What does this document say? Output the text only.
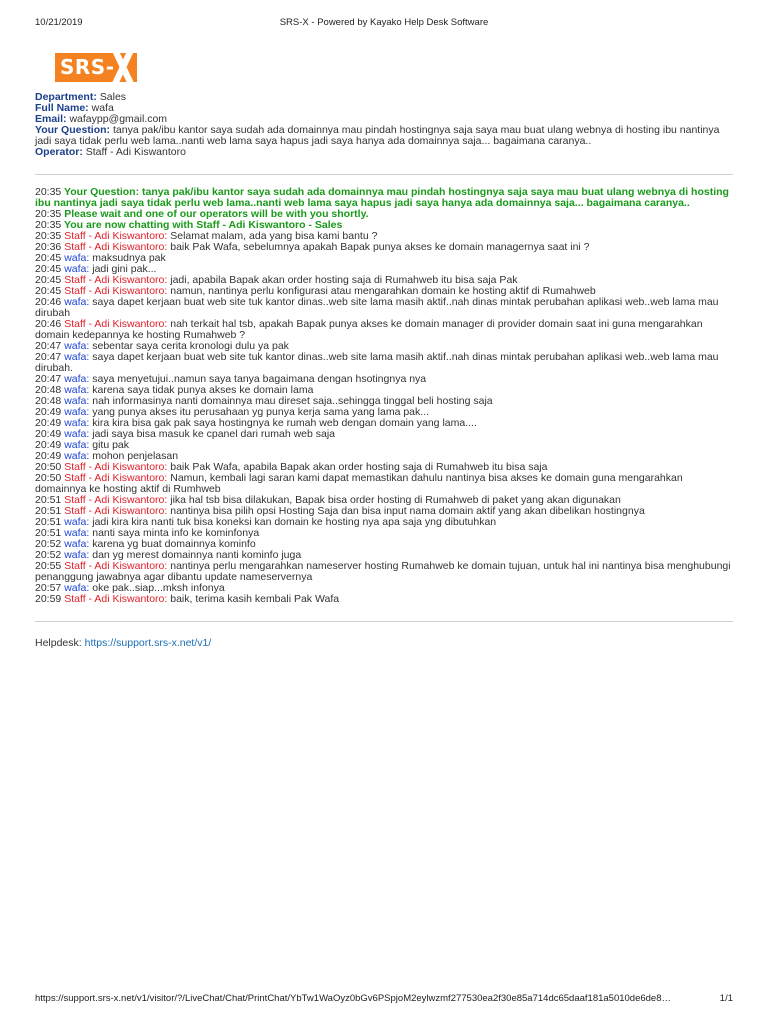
10/21/2019	SRS-X - Powered by Kayako Help Desk Software
SRS-
Department: Sales
Full Name: wafa
Email: wafaypp@gmail.com
Your Question: tanya pak/ibu kantor saya sudah ada domainnya mau pindah hostingnya saja saya mau buat ulang webnya di hosting ibu nantinya jadi saya tidak perlu web lama..nanti web lama saya hapus jadi saya hanya ada domainnya saja... bagaimana caranya..
Operator: Staff - Adi Kiswantoro
20:35 Your Question: tanya pak/ibu kantor saya sudah ada domainnya mau pindah hostingnya saja saya mau buat ulang webnya di hosting ibu nantinya jadi saya tidak perlu web lama..nanti web lama saya hapus jadi saya hanya ada domainnya saja... bagaimana caranya..
20:35 Please wait and one of our operators will be with you shortly.
20:35 You are now chatting with Staff - Adi Kiswantoro - Sales
20:35 Staff - Adi Kiswantoro: Selamat malam, ada yang bisa kami bantu ?
20:36 Staff - Adi Kiswantoro: baik Pak Wafa, sebelumnya apakah Bapak punya akses ke domain managernya saat ini ?
20:45 wafa: maksudnya pak
20:45 wafa: jadi gini pak...
20:45 Staff - Adi Kiswantoro: jadi, apabila Bapak akan order hosting saja di Rumahweb itu bisa saja Pak
20:45 Staff - Adi Kiswantoro: namun, nantinya perlu konfigurasi atau mengarahkan domain ke hosting aktif di Rumahweb
20:46 wafa: saya dapet kerjaan buat web site tuk kantor dinas..web site lama masih aktif..nah dinas mintak perubahan aplikasi web..web lama mau dirubah
20:46 Staff - Adi Kiswantoro: nah terkait hal tsb, apakah Bapak punya akses ke domain manager di provider domain saat ini guna mengarahkan domain kedepannya ke hosting Rumahweb ?
20:47 wafa: sebentar saya cerita kronologi dulu ya pak
20:47 wafa: saya dapet kerjaan buat web site tuk kantor dinas..web site lama masih aktif..nah dinas mintak perubahan aplikasi web..web lama mau dirubah.
20:47 wafa: saya menyetujui..namun saya tanya bagaimana dengan hsotingnya nya
20:48 wafa: karena saya tidak punya akses ke domain lama
20:48 wafa: nah informasinya nanti domainnya mau direset saja..sehingga tinggal beli hosting saja
20:49 wafa: yang punya akses itu perusahaan yg punya kerja sama yang lama pak...
20:49 wafa: kira kira bisa gak pak saya hostingnya ke rumah web dengan domain yang lama....
20:49 wafa: jadi saya bisa masuk ke cpanel dari rumah web saja
20:49 wafa: gitu pak
20:49 wafa: mohon penjelasan
20:50 Staff - Adi Kiswantoro: baik Pak Wafa, apabila Bapak akan order hosting saja di Rumahweb itu bisa saja
20:50 Staff - Adi Kiswantoro: Namun, kembali lagi saran kami dapat memastikan dahulu nantinya bisa akses ke domain guna mengarahkan domainnya ke hosting aktif di Rumhweb
20:51 Staff - Adi Kiswantoro: jika hal tsb bisa dilakukan, Bapak bisa order hosting di Rumahweb di paket yang akan digunakan
20:51 Staff - Adi Kiswantoro: nantinya bisa pilih opsi Hosting Saja dan bisa input nama domain aktif yang akan dibelikan hostingnya
20:51 wafa: jadi kira kira nanti tuk bisa koneksi kan domain ke hosting nya apa saja yng dibutuhkan
20:51 wafa: nanti saya minta info ke kominfonya
20:52 wafa: karena yg buat domainnya kominfo
20:52 wafa: dan yg merest domainnya nanti kominfo juga
20:55 Staff - Adi Kiswantoro: nantinya perlu mengarahkan nameserver hosting Rumahweb ke domain tujuan, untuk hal ini nantinya bisa menghubungi penanggung jawabnya agar dibantu update nameservernya
20:57 wafa: oke pak..siap...mksh infonya
20:59 Staff - Adi Kiswantoro: baik, terima kasih kembali Pak Wafa
Helpdesk: https://support.srs-x.net/v1/
https://support.srs-x.net/v1/visitor/?/LiveChat/Chat/PrintChat/YbTw1WaOyz0bGv6PSpjoM2eylwzmf277530ea2f30e85a714dc65daaf181a5010de6de8…	1/1
